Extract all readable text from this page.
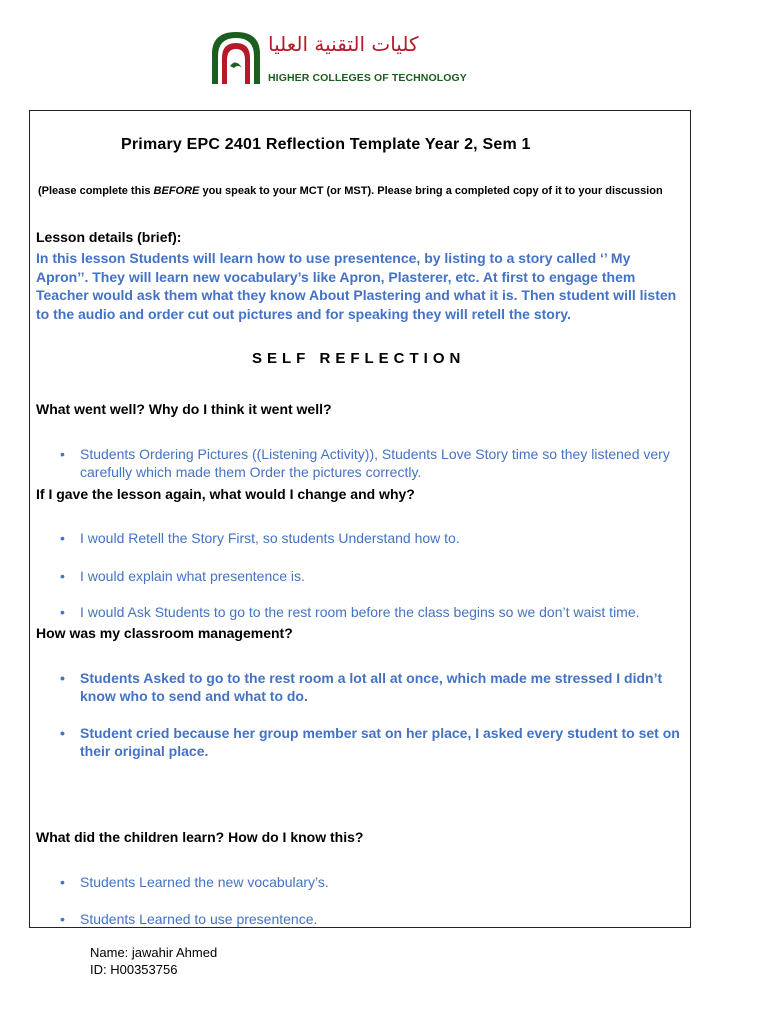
كليات التقنية العليا
HIGHER COLLEGES OF TECHNOLOGY
Primary EPC 2401 Reflection Template Year 2, Sem 1
(Please complete this BEFORE you speak to your MCT (or MST). Please bring a completed copy of it to your discussion
Lesson details (brief):
In this lesson Students will learn how to use presentence, by listing to a story called ‘’ My Apron’’. They will learn new vocabulary’s like Apron, Plasterer, etc. At first to engage them Teacher would ask them what they know About Plastering and what it is. Then student will listen to the audio and order cut out pictures and for speaking they will retell the story.
SELF REFLECTION
What went well? Why do I think it went well?
• Students Ordering Pictures ((Listening Activity)), Students Love Story time so they listened very carefully which made them Order the pictures correctly.
If I gave the lesson again, what would I change and why?
• I would Retell the Story First, so students Understand how to.
• I would explain what presentence is.
• I would Ask Students to go to the rest room before the class begins so we don’t waist time.
How was my classroom management?
• Students Asked to go to the rest room a lot all at once, which made me stressed I didn’t know who to send and what to do.
• Student cried because her group member sat on her place, I asked every student to set on their original place.
What did the children learn? How do I know this?
• Students Learned the new vocabulary’s.
• Students Learned to use presentence.
Name: jawahir Ahmed
ID: H00353756
